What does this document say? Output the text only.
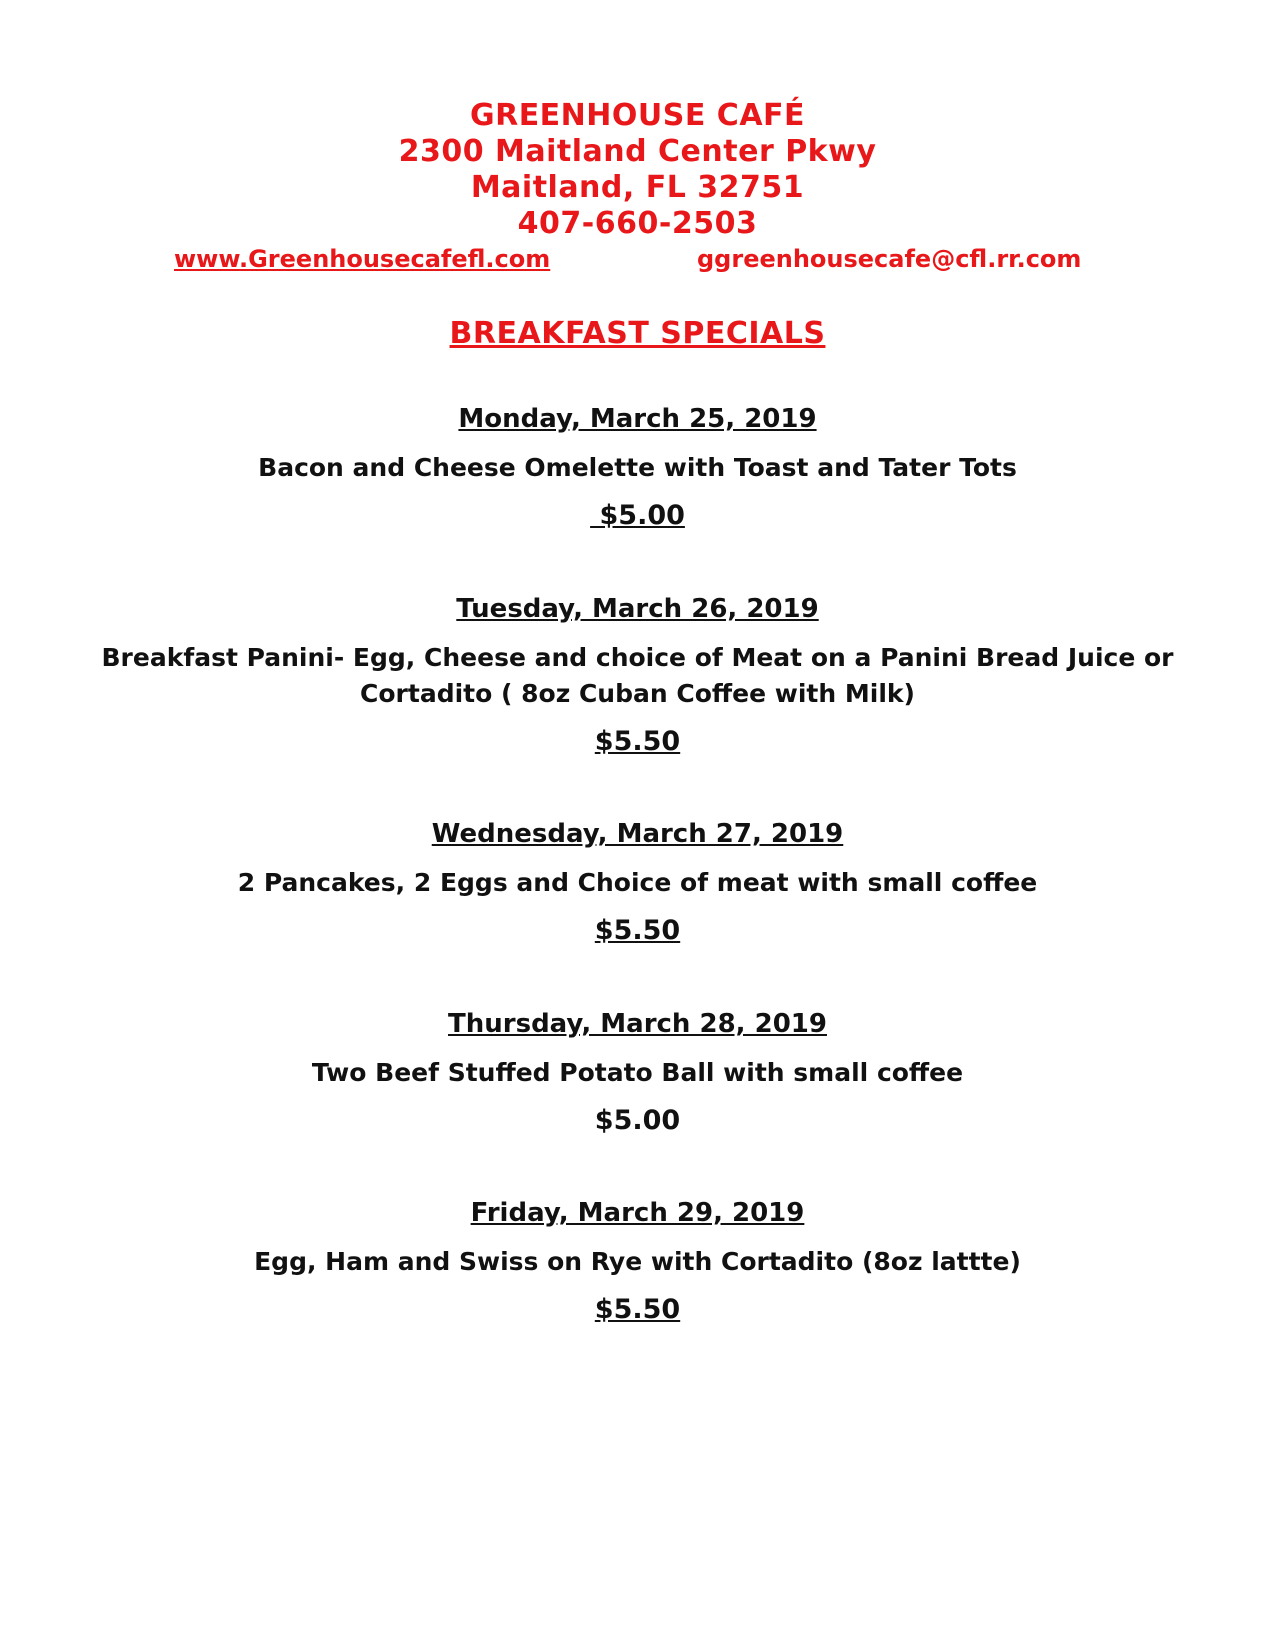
GREENHOUSE CAFÉ
2300 Maitland Center Pkwy
Maitland, FL 32751
407-660-2503
www.Greenhousecafefl.com	ggreenhousecafe@cfl.rr.com
BREAKFAST SPECIALS
Monday, March 25, 2019
Bacon and Cheese Omelette with Toast and Tater Tots
$5.00
Tuesday, March 26, 2019
Breakfast Panini- Egg, Cheese and choice of Meat on a Panini Bread Juice or Cortadito ( 8oz Cuban Coffee with Milk)
$5.50
Wednesday, March 27, 2019
2 Pancakes, 2 Eggs and Choice of meat with small coffee
$5.50
Thursday, March 28, 2019
Two Beef Stuffed Potato Ball with small coffee
$5.00
Friday, March 29, 2019
Egg, Ham and Swiss on Rye with Cortadito (8oz lattte)
$5.50
